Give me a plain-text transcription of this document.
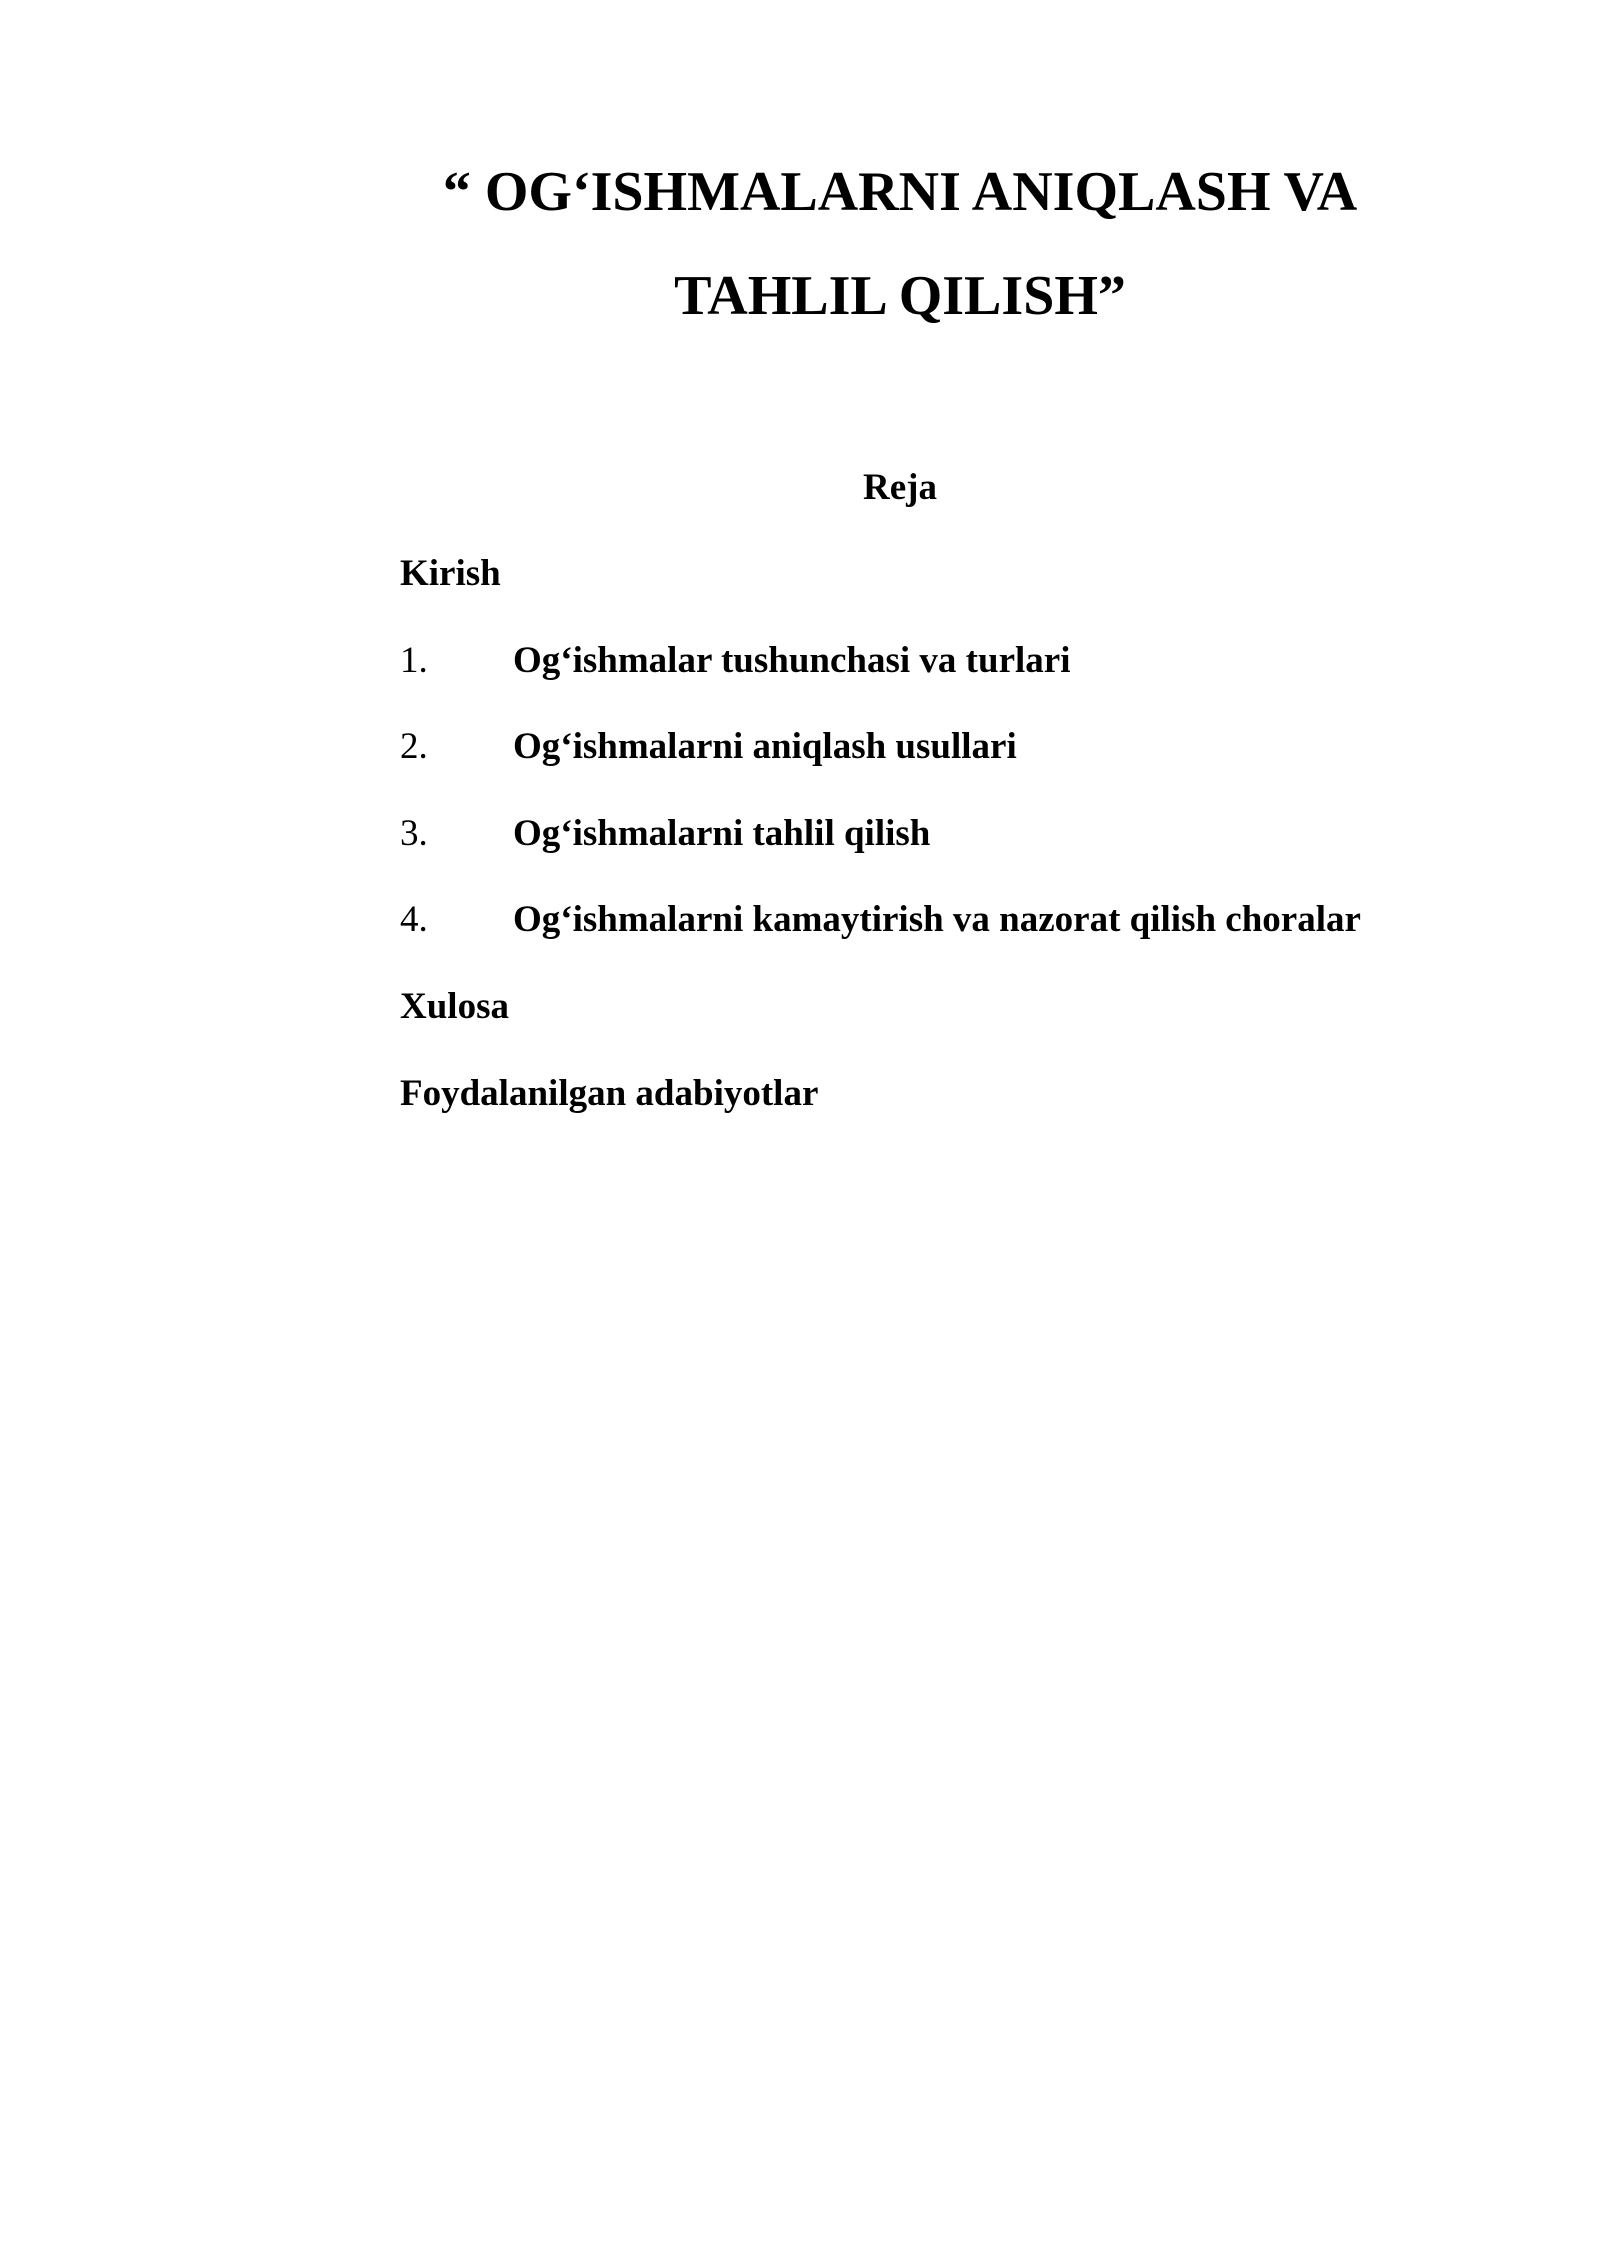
“ OG‘ISHMALARNI ANIQLASH VA
TAHLIL QILISH”
Reja
Kirish
1. Og‘ishmalar tushunchasi va turlari
2. Og‘ishmalarni aniqlash usullari
3. Og‘ishmalarni tahlil qilish
4. Og‘ishmalarni kamaytirish va nazorat qilish choralar
Xulosa
Foydalanilgan adabiyotlar
